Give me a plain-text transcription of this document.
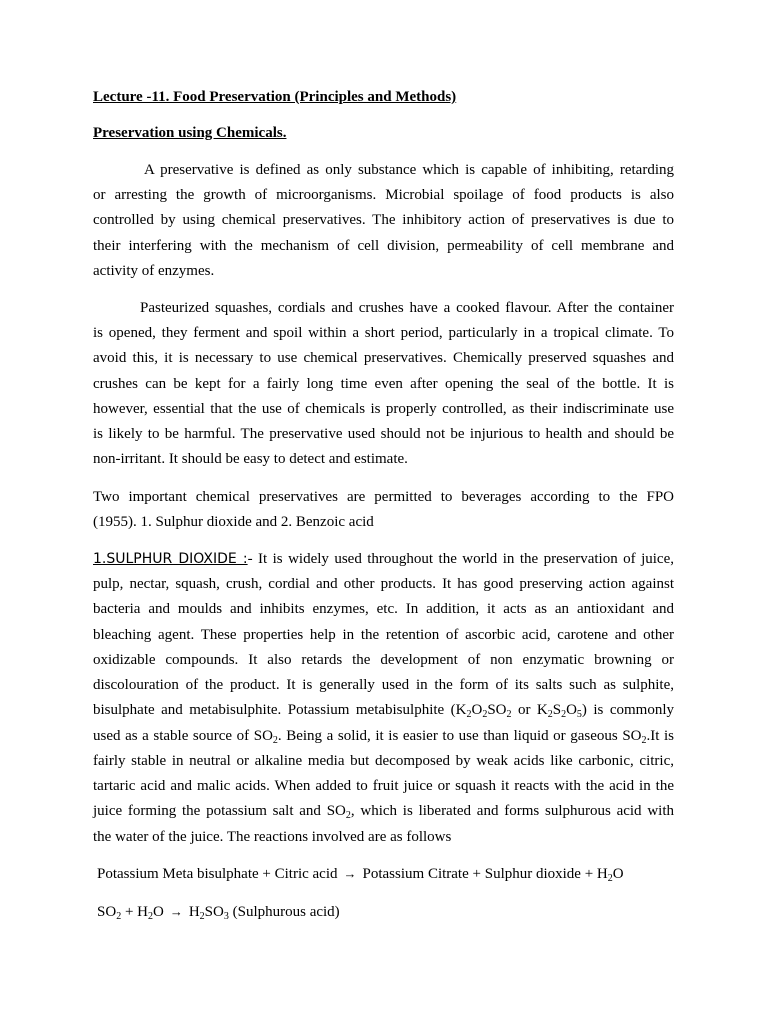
Lecture -11. Food Preservation (Principles and Methods)
Preservation using Chemicals.
A preservative is defined as only substance which is capable of inhibiting, retarding
or arresting the growth of microorganisms. Microbial spoilage of food products is also
controlled by using chemical preservatives. The inhibitory action of preservatives is due to
their interfering with the mechanism of cell division, permeability of cell membrane and
activity of enzymes.
Pasteurized squashes, cordials and crushes have a cooked flavour. After the container
is opened, they ferment and spoil within a short period, particularly in a tropical climate. To
avoid this, it is necessary to use chemical preservatives. Chemically preserved squashes and
crushes can be kept for a fairly long time even after opening the seal of the bottle. It is
however, essential that the use of chemicals is properly controlled, as their indiscriminate use
is likely to be harmful. The preservative used should not be injurious to health and should be
non-irritant. It should be easy to detect and estimate.
Two important chemical preservatives are permitted to beverages according to the FPO
(1955). 1. Sulphur dioxide and 2. Benzoic acid
1.SULPHUR DIOXIDE :- It is widely used throughout the world in the preservation of juice,
pulp, nectar, squash, crush, cordial and other products. It has good preserving action against
bacteria and moulds and inhibits enzymes, etc. In addition, it acts as an antioxidant and
bleaching agent. These properties help in the retention of ascorbic acid, carotene and other
oxidizable compounds. It also retards the development of non enzymatic browning or
discolouration of the product. It is generally used in the form of its salts such as sulphite,
bisulphate and metabisulphite. Potassium metabisulphite ($K_2O_2SO_2$ or $K_2S_2O_5$) is commonly
used as a stable source of $SO_2$. Being a solid, it is easier to use than liquid or gaseous $SO_2.It$ is
fairly stable in neutral or alkaline media but decomposed by weak acids like carbonic, citric,
tartaric acid and malic acids. When added to fruit juice or squash it reacts with the acid in the
juice forming the potassium salt and $SO_2$, which is liberated and forms sulphurous acid with
the water of the juice. The reactions involved are as follows
Potassium Meta bisulphate + Citric acid → Potassium Citrate + Sulphur dioxide + $H_2O$
$SO_2 + H_2O \to H_2SO_3$ (Sulphurous acid)
